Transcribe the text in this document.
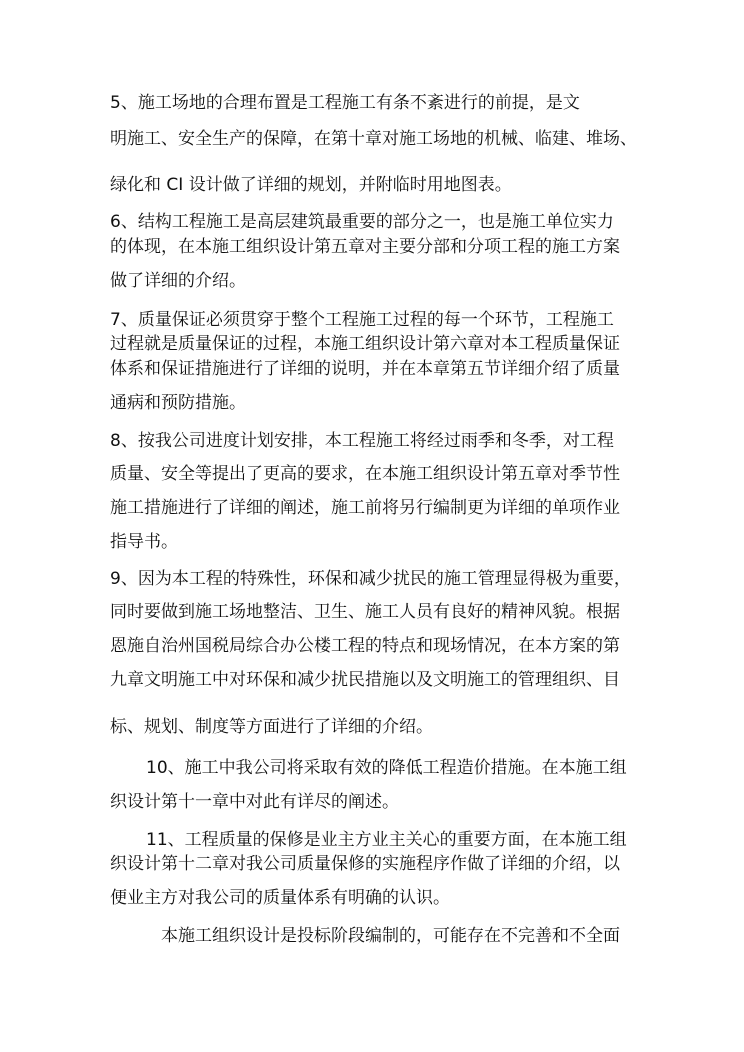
5、施工场地的合理布置是工程施工有条不紊进行的前提，是文
明施工、安全生产的保障，在第十章对施工场地的机械、临建、堆场、
绿化和 CI 设计做了详细的规划，并附临时用地图表。
6、结构工程施工是高层建筑最重要的部分之一，也是施工单位实力
的体现，在本施工组织设计第五章对主要分部和分项工程的施工方案
做了详细的介绍。
7、质量保证必须贯穿于整个工程施工过程的每一个环节，工程施工
过程就是质量保证的过程，本施工组织设计第六章对本工程质量保证
体系和保证措施进行了详细的说明，并在本章第五节详细介绍了质量
通病和预防措施。
8、按我公司进度计划安排，本工程施工将经过雨季和冬季，对工程
质量、安全等提出了更高的要求，在本施工组织设计第五章对季节性
施工措施进行了详细的阐述，施工前将另行编制更为详细的单项作业
指导书。
9、因为本工程的特殊性，环保和减少扰民的施工管理显得极为重要，
同时要做到施工场地整洁、卫生、施工人员有良好的精神风貌。根据
恩施自治州国税局综合办公楼工程的特点和现场情况，在本方案的第
九章文明施工中对环保和减少扰民措施以及文明施工的管理组织、目
标、规划、制度等方面进行了详细的介绍。
10、施工中我公司将采取有效的降低工程造价措施。在本施工组
织设计第十一章中对此有详尽的阐述。
11、工程质量的保修是业主方业主关心的重要方面，在本施工组
织设计第十二章对我公司质量保修的实施程序作做了详细的介绍，以
便业主方对我公司的质量体系有明确的认识。
本施工组织设计是投标阶段编制的，可能存在不完善和不全面
